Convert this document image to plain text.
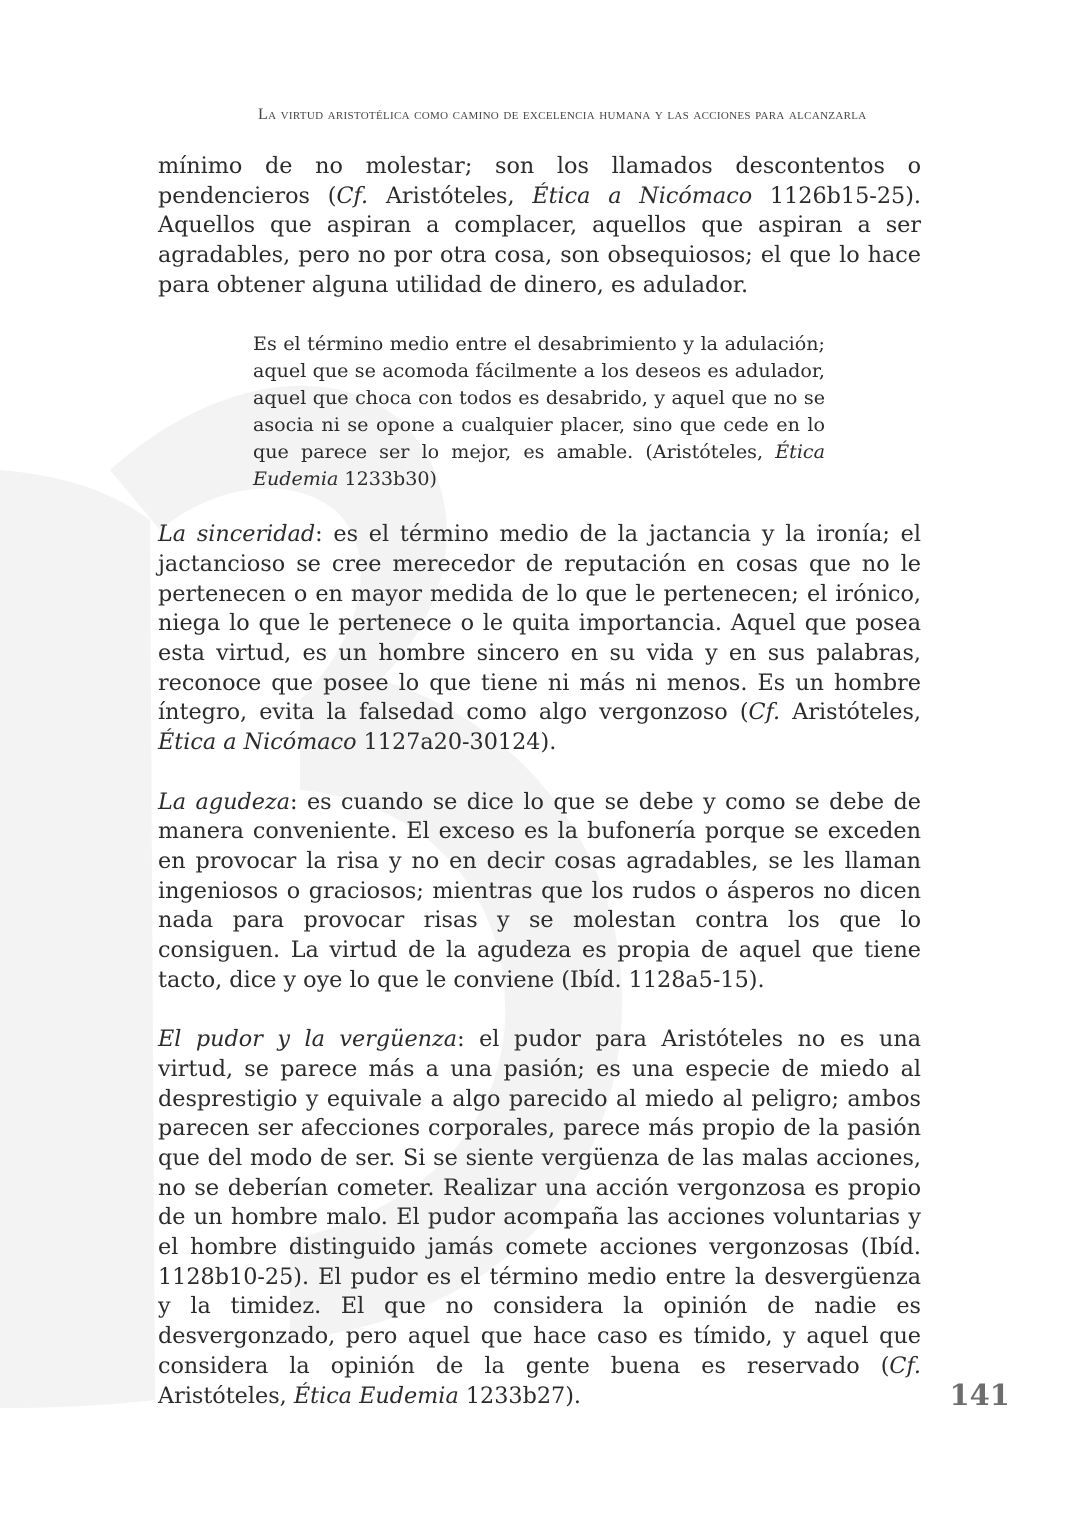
La virtud aristotélica como camino de excelencia humana y las acciones para alcanzarla

mínimo de no molestar; son los llamados descontentos o pendencieros (Cf. Aristóteles, Ética a Nicómaco 1126b15-25). Aquellos que aspiran a complacer, aquellos que aspiran a ser agradables, pero no por otra cosa, son obsequiosos; el que lo hace para obtener alguna utilidad de dinero, es adulador.

Es el término medio entre el desabrimiento y la adulación; aquel que se acomoda fácilmente a los deseos es adulador, aquel que choca con todos es desabrido, y aquel que no se asocia ni se opone a cualquier placer, sino que cede en lo que parece ser lo mejor, es amable. (Aristóteles, Ética Eudemia 1233b30)

La sinceridad: es el término medio de la jactancia y la ironía; el jactancioso se cree merecedor de reputación en cosas que no le pertenecen o en mayor medida de lo que le pertenecen; el irónico, niega lo que le pertenece o le quita importancia. Aquel que posea esta virtud, es un hombre sincero en su vida y en sus palabras, reconoce que posee lo que tiene ni más ni menos. Es un hombre íntegro, evita la falsedad como algo vergonzoso (Cf. Aristóteles, Ética a Nicómaco 1127a20-30124).

La agudeza: es cuando se dice lo que se debe y como se debe de manera conveniente. El exceso es la bufonería porque se exceden en provocar la risa y no en decir cosas agradables, se les llaman ingeniosos o graciosos; mientras que los rudos o ásperos no dicen nada para provocar risas y se molestan contra los que lo consiguen. La virtud de la agudeza es propia de aquel que tiene tacto, dice y oye lo que le conviene (Ibíd. 1128a5-15).

El pudor y la vergüenza: el pudor para Aristóteles no es una virtud, se parece más a una pasión; es una especie de miedo al desprestigio y equivale a algo parecido al miedo al peligro; ambos parecen ser afecciones corporales, parece más propio de la pasión que del modo de ser. Si se siente vergüenza de las malas acciones, no se deberían cometer. Realizar una acción vergonzosa es propio de un hombre malo. El pudor acompaña las acciones voluntarias y el hombre distinguido jamás comete acciones vergonzosas (Ibíd. 1128b10-25). El pudor es el término medio entre la desvergüenza y la timidez. El que no considera la opinión de nadie es desvergonzado, pero aquel que hace caso es tímido, y aquel que considera la opinión de la gente buena es reservado (Cf. Aristóteles, Ética Eudemia 1233b27).	141
